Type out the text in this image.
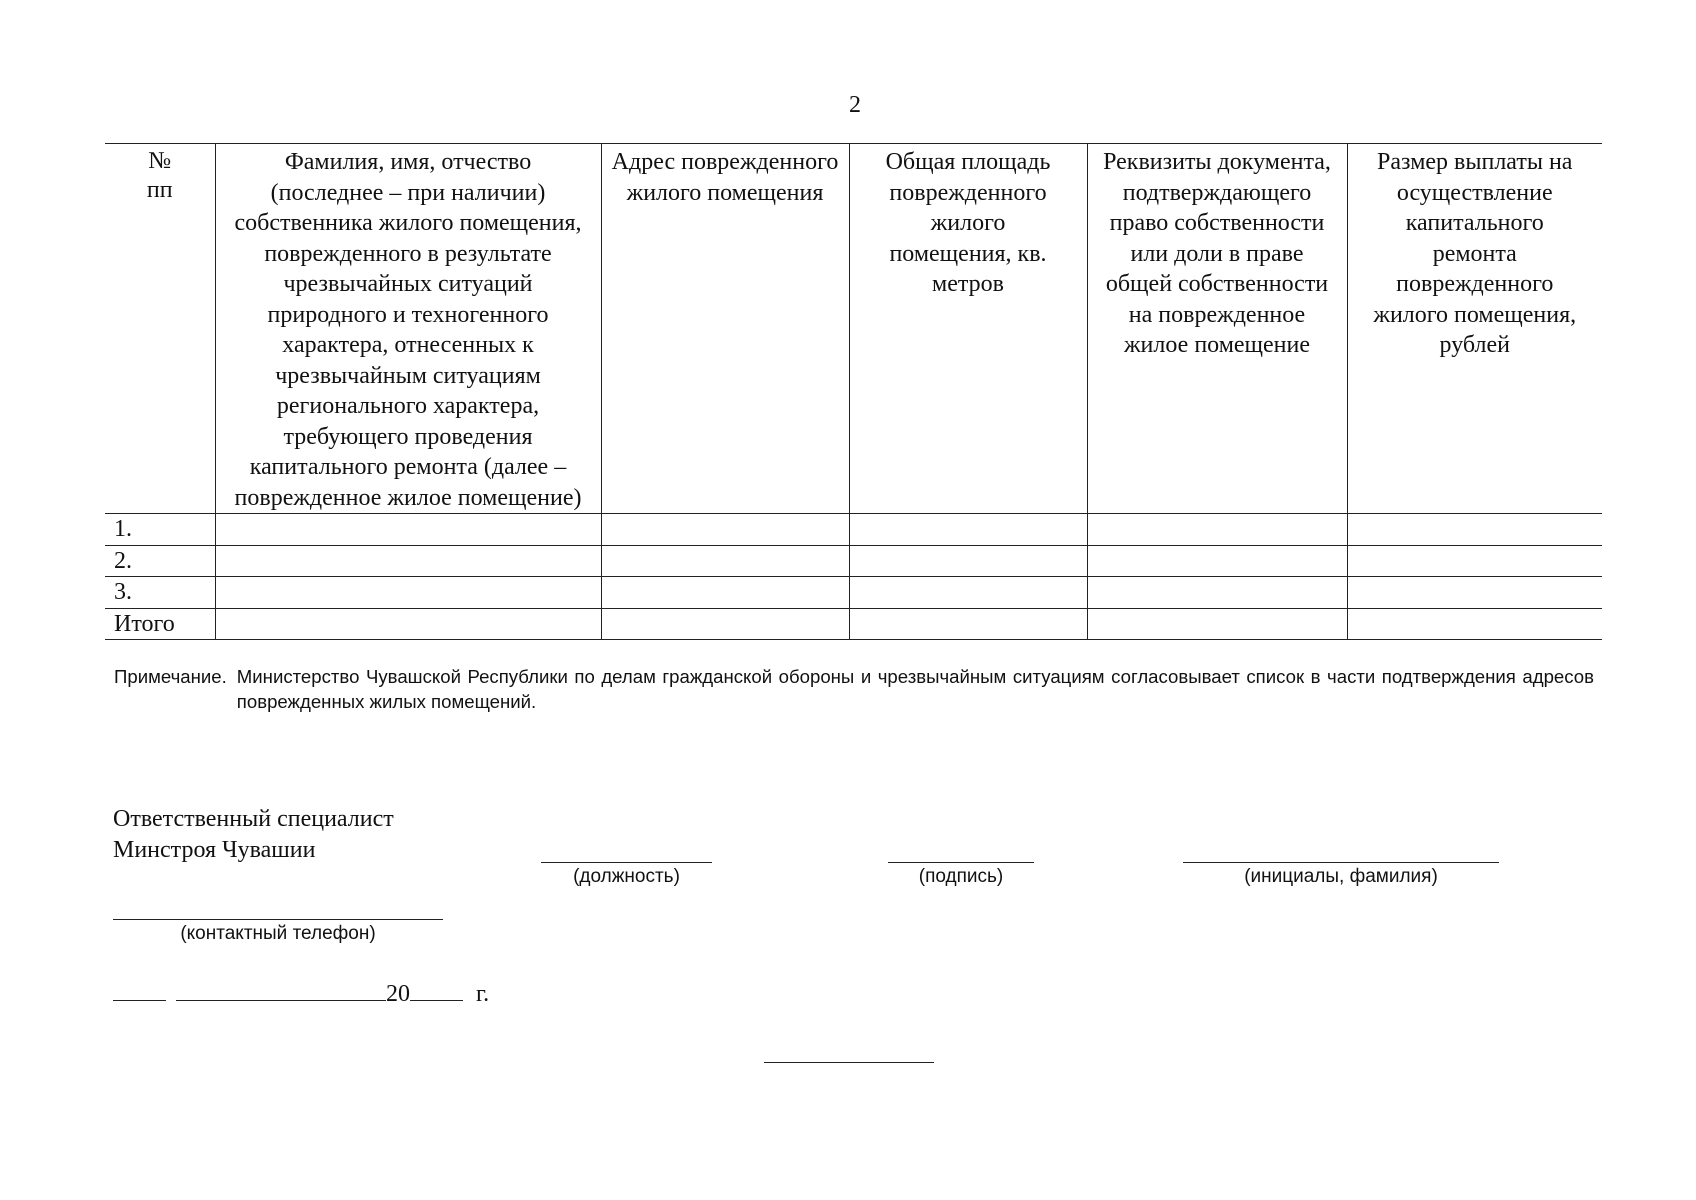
2
№ пп	Фамилия, имя, отчество (последнее – при наличии) собственника жилого помещения, поврежденного в результате чрезвычайных ситуаций природного и техногенного характера, отнесенных к чрезвычайным ситуациям регионального характера, требующего проведения капитального ремонта (далее – поврежденное жилое помещение)	Адрес поврежденного жилого помещения	Общая площадь поврежденного жилого помещения, кв. метров	Реквизиты документа, подтверждающего право собственности или доли в праве общей собственности на поврежденное жилое помещение	Размер выплаты на осуществление капитального ремонта поврежденного жилого помещения, рублей
1.					
2.					
3.					
Итого					
Примечание. Министерство Чувашской Республики по делам гражданской обороны и чрезвычайным ситуациям согласовывает список в части подтверждения адресов поврежденных жилых помещений.
Ответственный специалист
Минстроя Чувашии
(должность)	(подпись)	(инициалы, фамилия)
(контактный телефон)
20	г.
